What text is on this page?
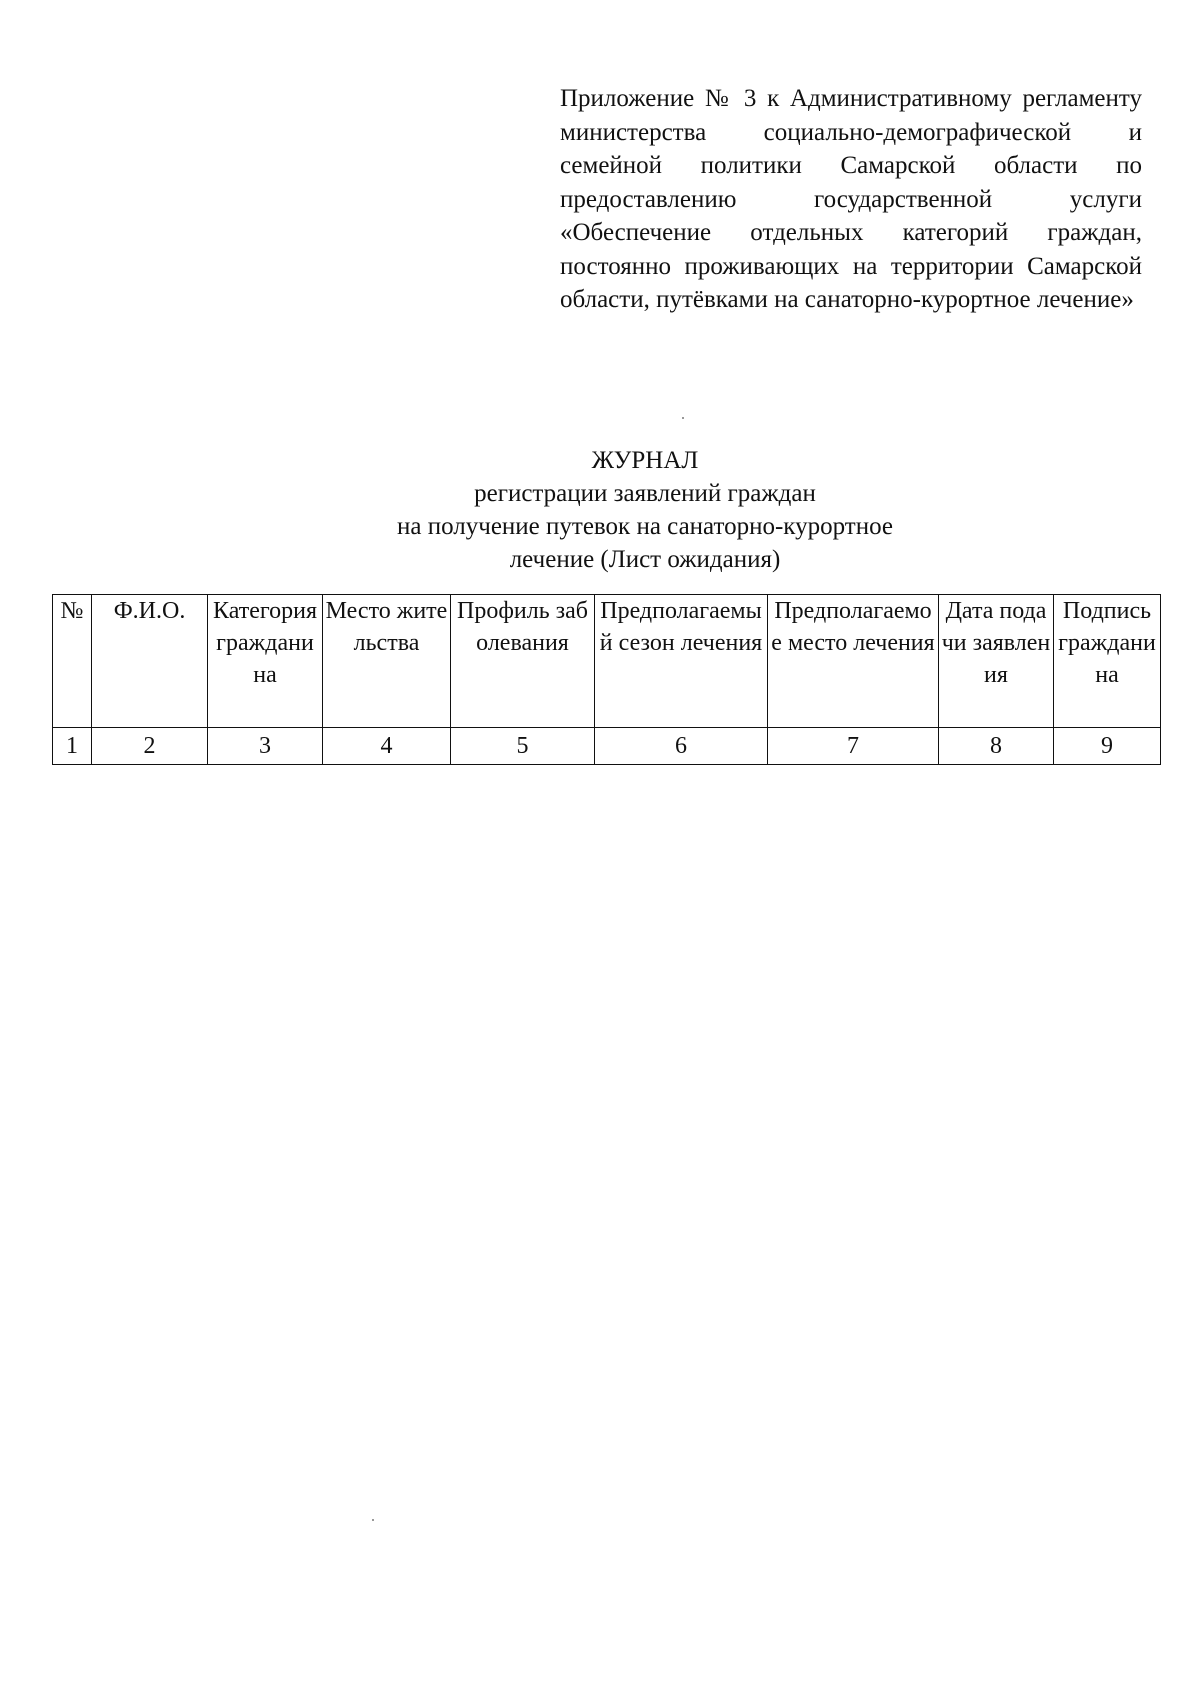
Приложение № 3 к Административному регламенту министерства социально-демографической и семейной политики Самарской области по предоставлению государственной услуги «Обеспечение отдельных категорий граждан, постоянно проживающих на территории Самарской области, путёвками на санаторно-курортное лечение»
ЖУРНАЛ
регистрации заявлений граждан
на получение путевок на санаторно-курортное
лечение (Лист ожидания)
№	Ф.И.О.	Категория гражданина	Место жительства	Профиль заболевания	Предполагаемый сезон лечения	Предполагаемое место лечения	Дата подачи заявления	Подпись гражданина
1	2	3	4	5	6	7	8	9
